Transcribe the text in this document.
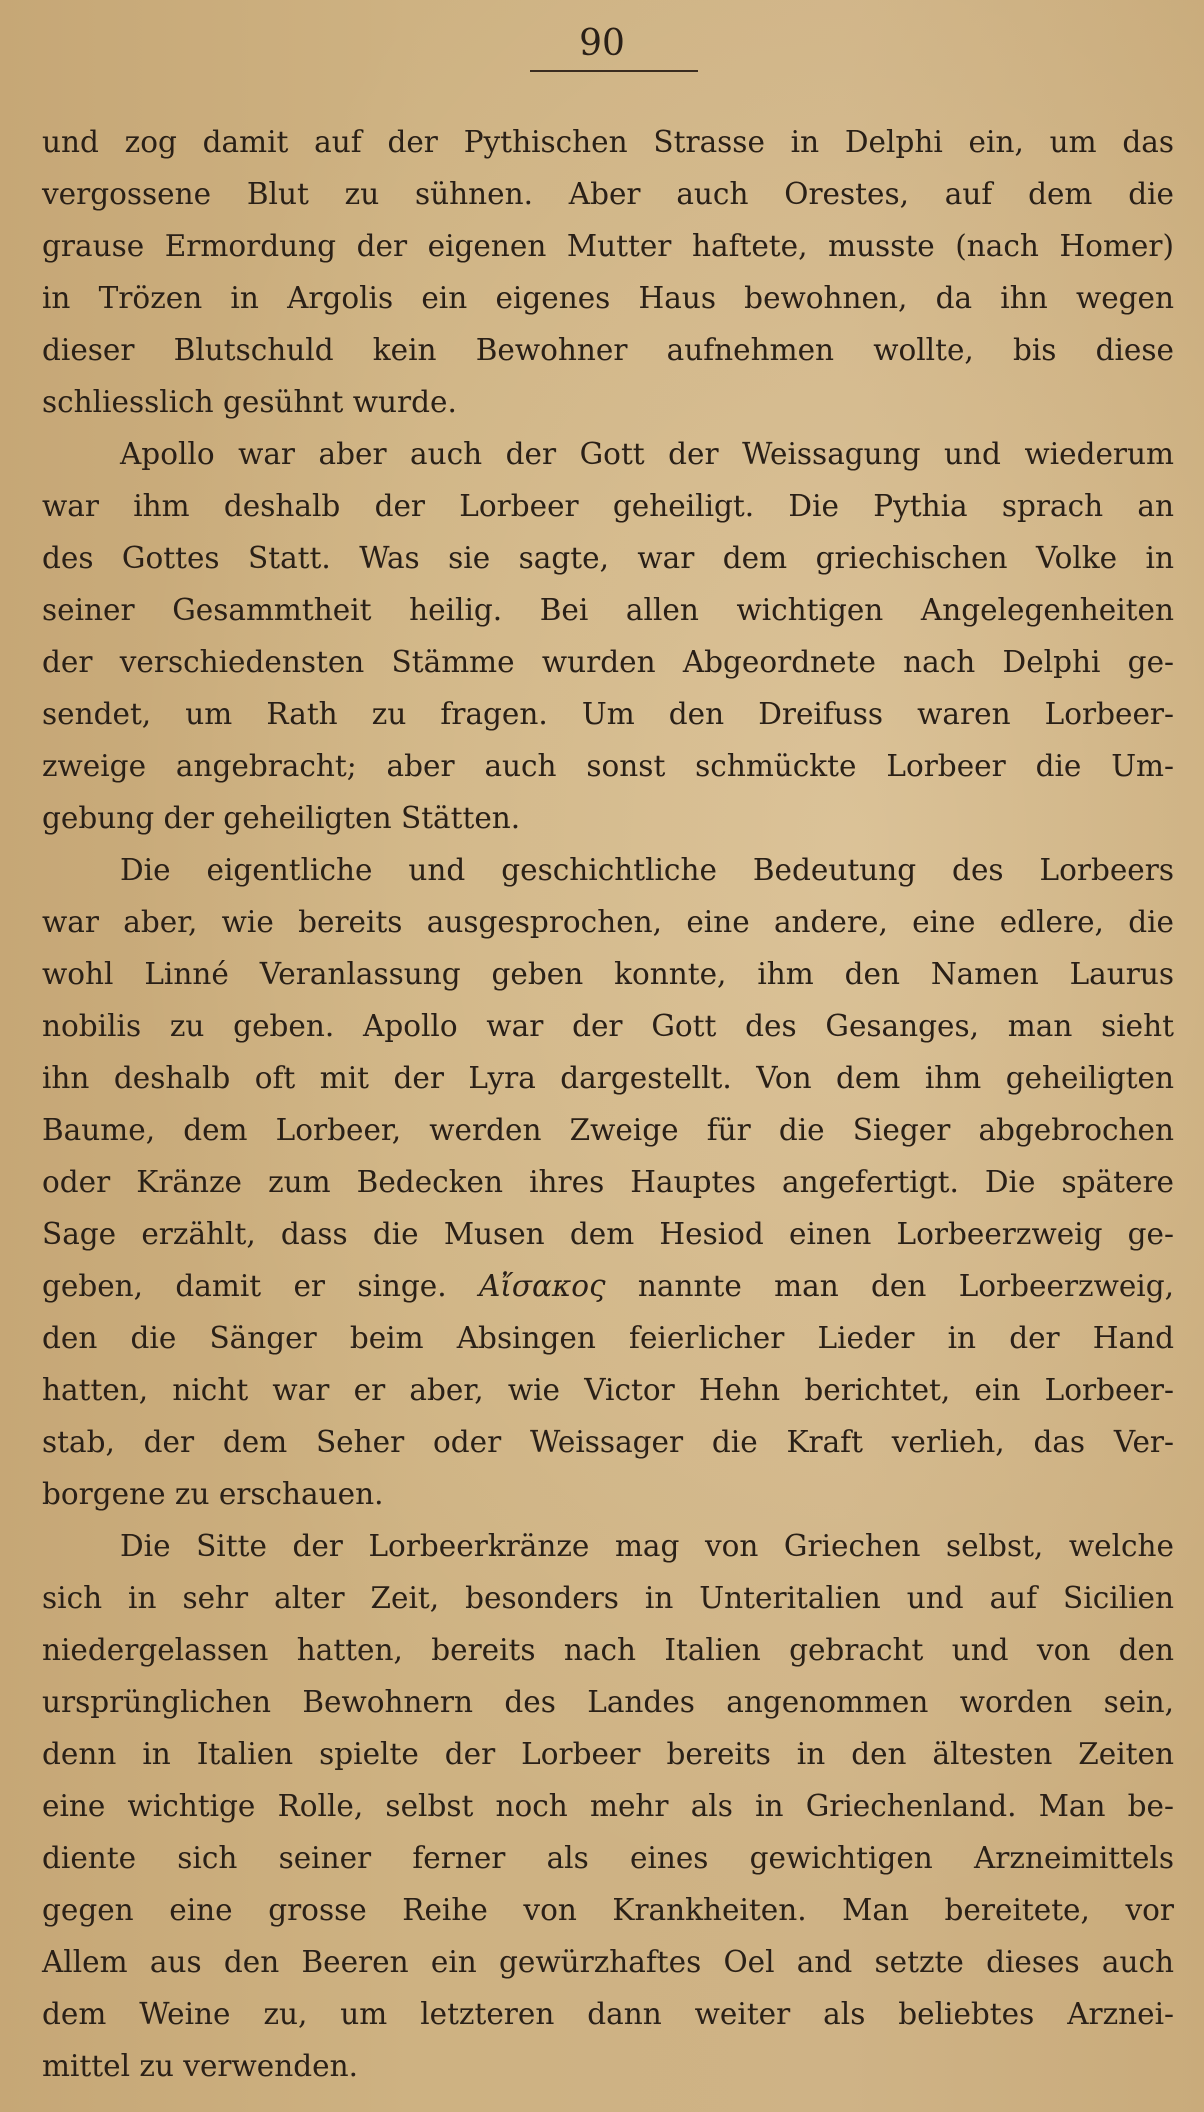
90
und zog damit auf der Pythischen Strasse in Delphi ein, um das
vergossene Blut zu sühnen. Aber auch Orestes, auf dem die
grause Ermordung der eigenen Mutter haftete, musste (nach Homer)
in Trözen in Argolis ein eigenes Haus bewohnen, da ihn wegen
dieser Blutschuld kein Bewohner aufnehmen wollte, bis diese
schliesslich gesühnt wurde.
Apollo war aber auch der Gott der Weissagung und wiederum
war ihm deshalb der Lorbeer geheiligt. Die Pythia sprach an
des Gottes Statt. Was sie sagte, war dem griechischen Volke in
seiner Gesammtheit heilig. Bei allen wichtigen Angelegenheiten
der verschiedensten Stämme wurden Abgeordnete nach Delphi ge-
sendet, um Rath zu fragen. Um den Dreifuss waren Lorbeer-
zweige angebracht; aber auch sonst schmückte Lorbeer die Um-
gebung der geheiligten Stätten.
Die eigentliche und geschichtliche Bedeutung des Lorbeers
war aber, wie bereits ausgesprochen, eine andere, eine edlere, die
wohl Linné Veranlassung geben konnte, ihm den Namen Laurus
nobilis zu geben. Apollo war der Gott des Gesanges, man sieht
ihn deshalb oft mit der Lyra dargestellt. Von dem ihm geheiligten
Baume, dem Lorbeer, werden Zweige für die Sieger abgebrochen
oder Kränze zum Bedecken ihres Hauptes angefertigt. Die spätere
Sage erzählt, dass die Musen dem Hesiod einen Lorbeerzweig ge-
geben, damit er singe. Αἴσακος nannte man den Lorbeerzweig,
den die Sänger beim Absingen feierlicher Lieder in der Hand
hatten, nicht war er aber, wie Victor Hehn berichtet, ein Lorbeer-
stab, der dem Seher oder Weissager die Kraft verlieh, das Ver-
borgene zu erschauen.
Die Sitte der Lorbeerkränze mag von Griechen selbst, welche
sich in sehr alter Zeit, besonders in Unteritalien und auf Sicilien
niedergelassen hatten, bereits nach Italien gebracht und von den
ursprünglichen Bewohnern des Landes angenommen worden sein,
denn in Italien spielte der Lorbeer bereits in den ältesten Zeiten
eine wichtige Rolle, selbst noch mehr als in Griechenland. Man be-
diente sich seiner ferner als eines gewichtigen Arzneimittels
gegen eine grosse Reihe von Krankheiten. Man bereitete, vor
Allem aus den Beeren ein gewürzhaftes Oel and setzte dieses auch
dem Weine zu, um letzteren dann weiter als beliebtes Arznei-
mittel zu verwenden.
